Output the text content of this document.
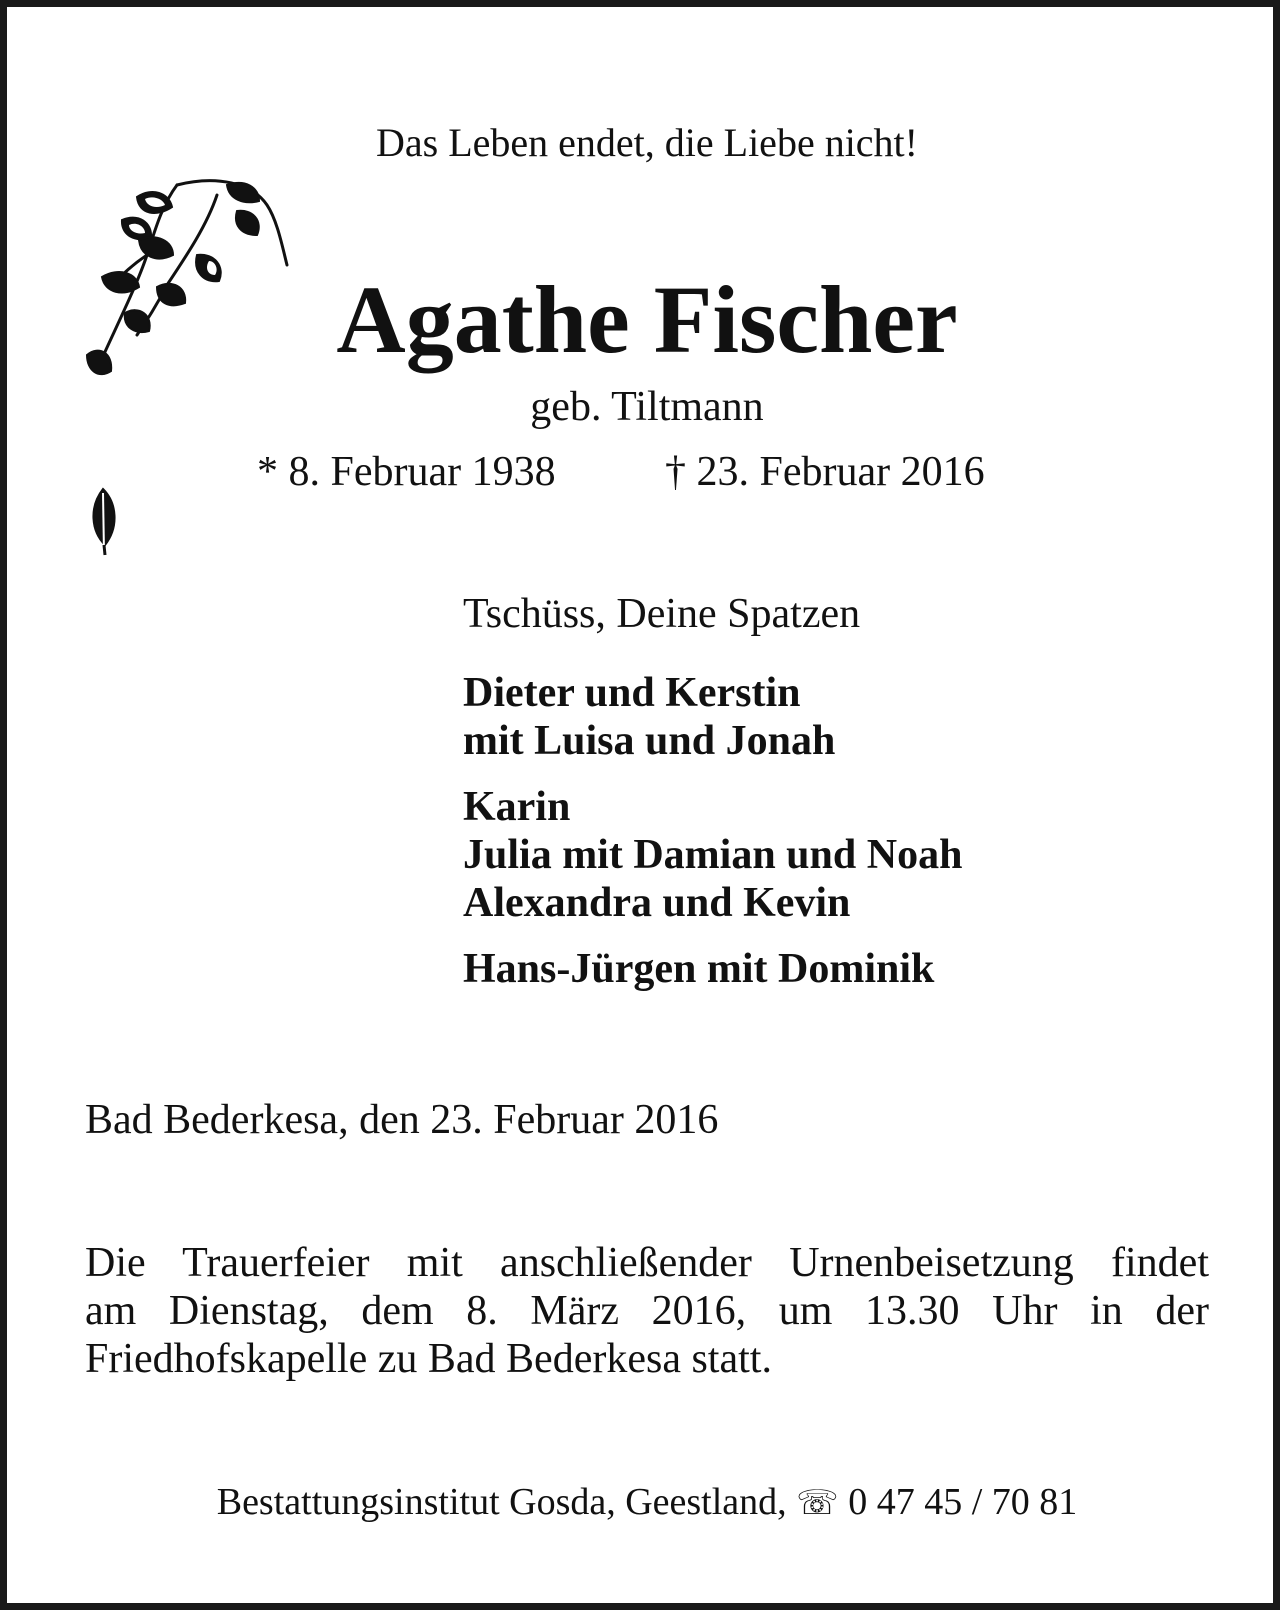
Das Leben endet, die Liebe nicht!
Agathe Fischer
geb. Tiltmann
* 8. Februar 1938	† 23. Februar 2016
Tschüss, Deine Spatzen
Dieter und Kerstin
mit Luisa und Jonah
Karin
Julia mit Damian und Noah
Alexandra und Kevin
Hans-Jürgen mit Dominik
Bad Bederkesa, den 23. Februar 2016
Die Trauerfeier mit anschließender Urnenbeisetzung findet
am Dienstag, dem 8. März 2016, um 13.30 Uhr in der
Friedhofskapelle zu Bad Bederkesa statt.
Bestattungsinstitut Gosda, Geestland, ☏ 0 47 45 / 70 81
